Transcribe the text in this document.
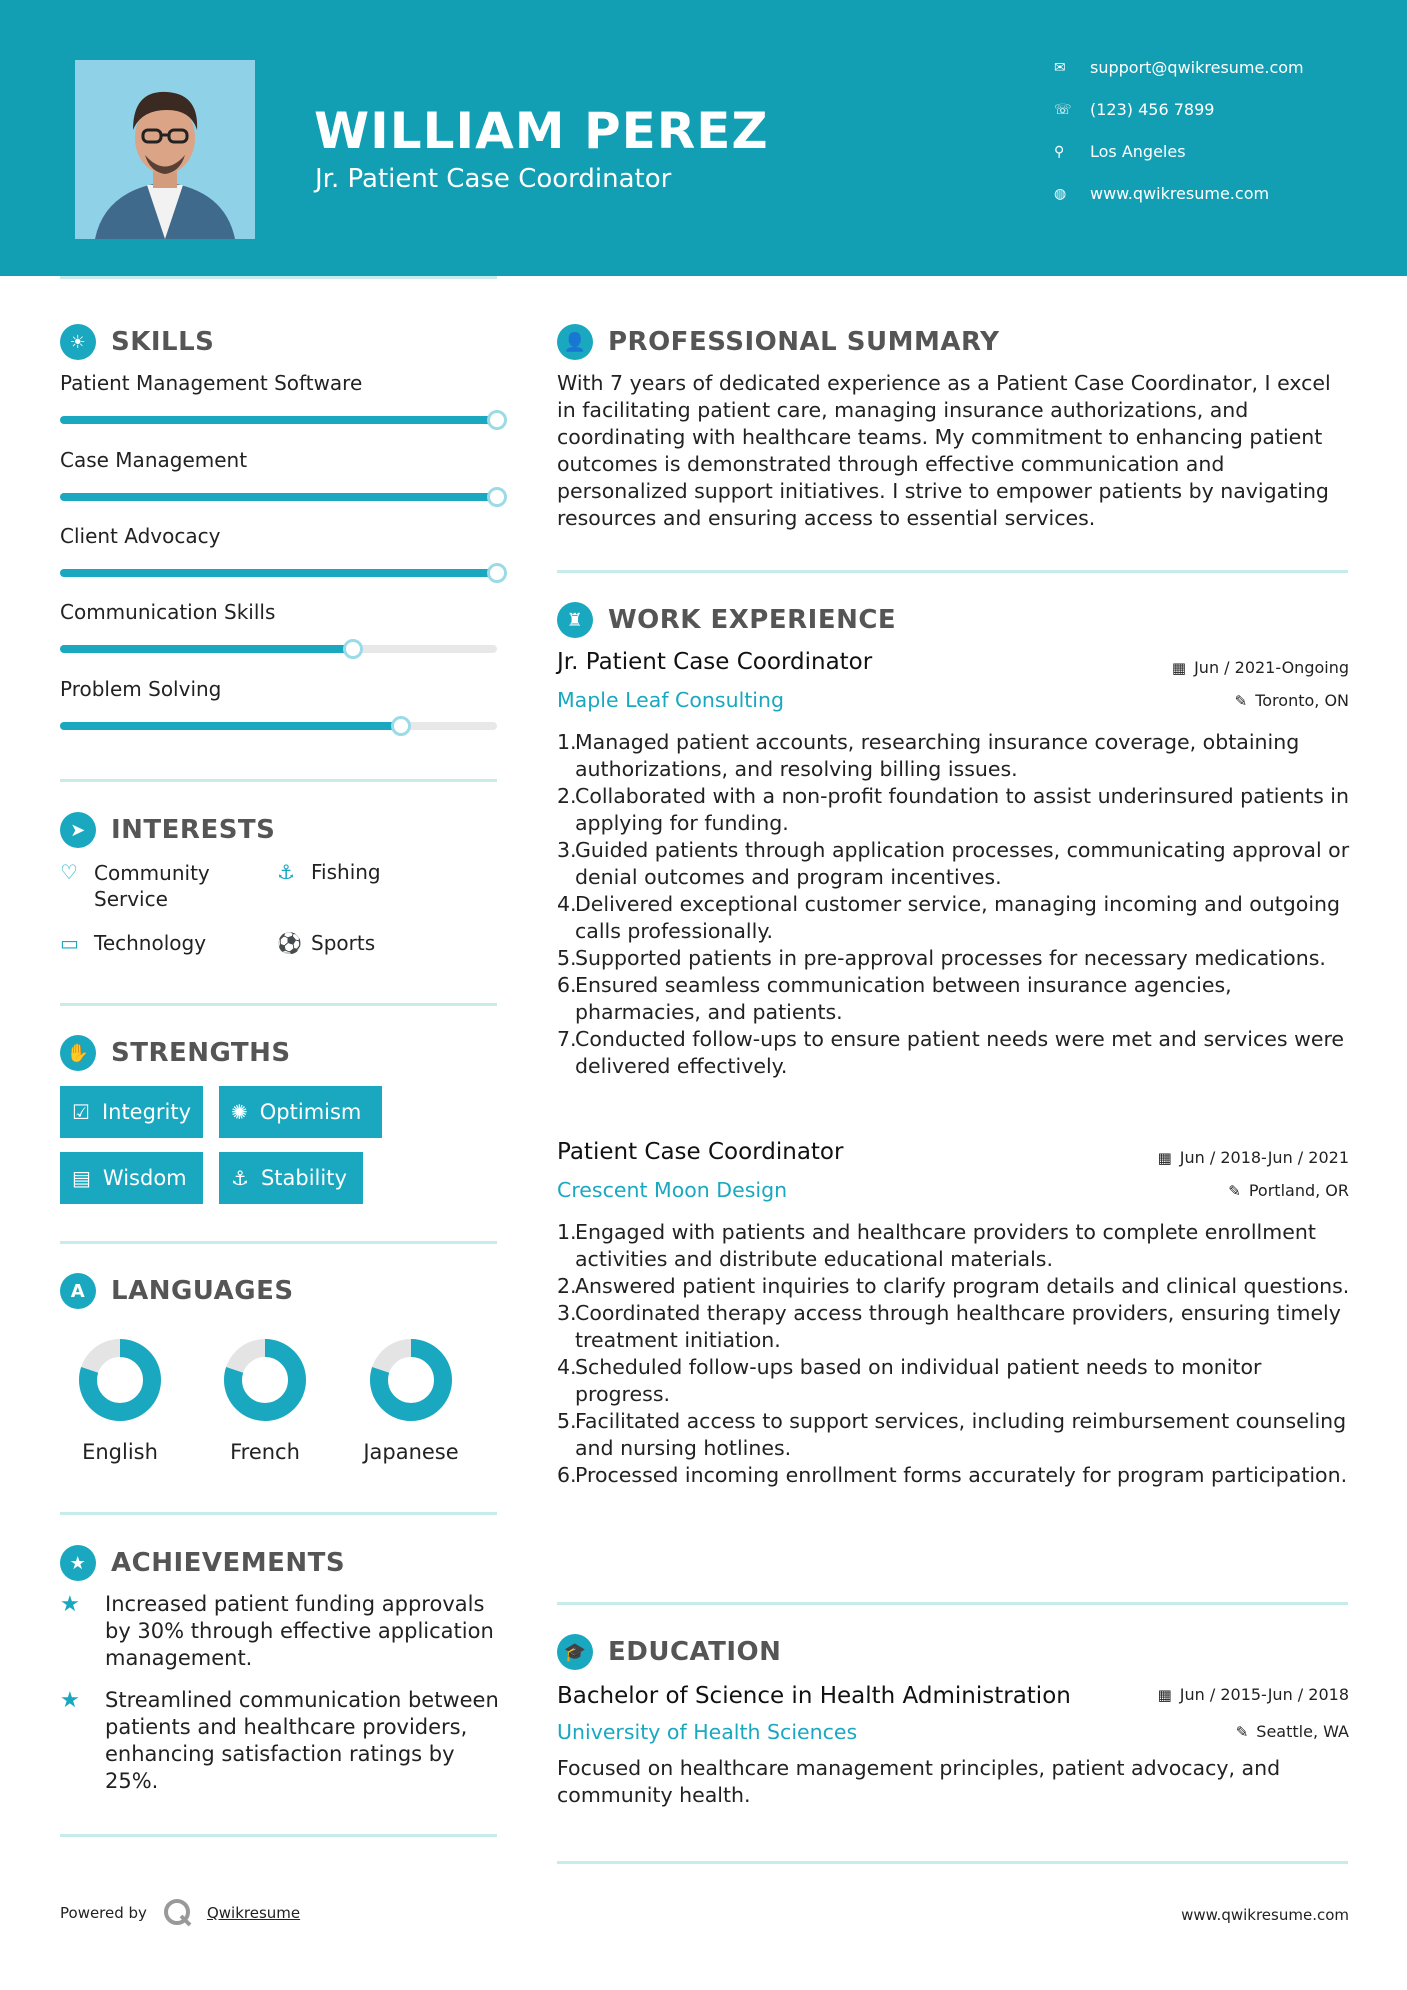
WILLIAM PEREZ
Jr. Patient Case Coordinator
✉	support@qwikresume.com
☏	(123) 456 7899
⚲	Los Angeles
◍	www.qwikresume.com
☀ SKILLS
Patient Management Software
Case Management
Client Advocacy
Communication Skills
Problem Solving
➤ INTERESTS
♡ Community Service
⚓ Fishing
▭ Technology	⚽ Sports
✋ STRENGTHS
☑ Integrity ✺ Optimism
▤ Wisdom ⚓ Stability
A LANGUAGES
English	French	Japanese
★ ACHIEVEMENTS
★	Increased patient funding approvals by 30% through effective application management.
★	Streamlined communication between patients and healthcare providers, enhancing satisfaction ratings by 25%.
👤 PROFESSIONAL SUMMARY
With 7 years of dedicated experience as a Patient Case Coordinator, I excel in facilitating patient care, managing insurance authorizations, and coordinating with healthcare teams. My commitment to enhancing patient outcomes is demonstrated through effective communication and personalized support initiatives. I strive to empower patients by navigating resources and ensuring access to essential services.
♜ WORK EXPERIENCE
Jr. Patient Case Coordinator	▦ Jun / 2021-Ongoing
Maple Leaf Consulting	✎ Toronto, ON
1.
Managed patient accounts, researching insurance coverage, obtaining authorizations, and resolving billing issues.
2.
Collaborated with a non-profit foundation to assist underinsured patients in applying for funding.
3.
Guided patients through application processes, communicating approval or denial outcomes and program incentives.
4.
Delivered exceptional customer service, managing incoming and outgoing calls professionally.
5.
Supported patients in pre-approval processes for necessary medications.
6.
Ensured seamless communication between insurance agencies, pharmacies, and patients.
7.
Conducted follow-ups to ensure patient needs were met and services were delivered effectively.
Patient Case Coordinator	▦ Jun / 2018-Jun / 2021
Crescent Moon Design	✎ Portland, OR
1.
Engaged with patients and healthcare providers to complete enrollment activities and distribute educational materials.
2.
Answered patient inquiries to clarify program details and clinical questions.
3.
Coordinated therapy access through healthcare providers, ensuring timely treatment initiation.
4.
Scheduled follow-ups based on individual patient needs to monitor progress.
5.
Facilitated access to support services, including reimbursement counseling and nursing hotlines.
6.
Processed incoming enrollment forms accurately for program participation.
🎓 EDUCATION
Bachelor of Science in Health Administration	▦ Jun / 2015-Jun / 2018
University of Health Sciences	✎ Seattle, WA
Focused on healthcare management principles, patient advocacy, and community health.
Powered by	Qwikresume	www.qwikresume.com
